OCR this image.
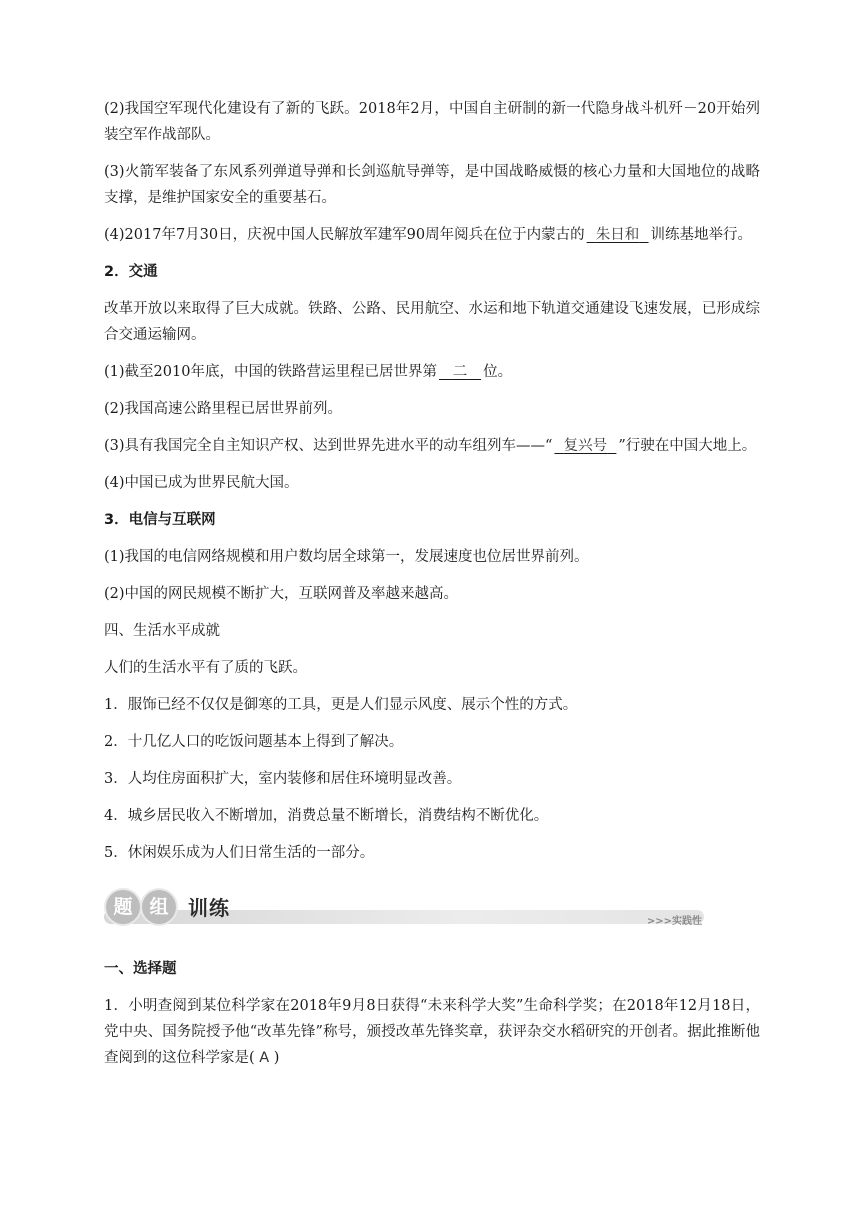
(2)我国空军现代化建设有了新的飞跃。2018年2月，中国自主研制的新一代隐身战斗机歼－20开始列装空军作战部队。

(3)火箭军装备了东风系列弹道导弹和长剑巡航导弹等，是中国战略威慑的核心力量和大国地位的战略支撑，是维护国家安全的重要基石。

(4)2017年7月30日，庆祝中国人民解放军建军90周年阅兵在位于内蒙古的 朱日和 训练基地举行。

2．交通

改革开放以来取得了巨大成就。铁路、公路、民用航空、水运和地下轨道交通建设飞速发展，已形成综合交通运输网。

(1)截至2010年底，中国的铁路营运里程已居世界第 二 位。

(2)我国高速公路里程已居世界前列。

(3)具有我国完全自主知识产权、达到世界先进水平的动车组列车——“ 复兴号 ”行驶在中国大地上。

(4)中国已成为世界民航大国。

3．电信与互联网

(1)我国的电信网络规模和用户数均居全球第一，发展速度也位居世界前列。

(2)中国的网民规模不断扩大，互联网普及率越来越高。

四、生活水平成就

人们的生活水平有了质的飞跃。

1．服饰已经不仅仅是御寒的工具，更是人们显示风度、展示个性的方式。

2．十几亿人口的吃饭问题基本上得到了解决。

3．人均住房面积扩大，室内装修和居住环境明显改善。

4．城乡居民收入不断增加，消费总量不断增长，消费结构不断优化。

5．休闲娱乐成为人们日常生活的一部分。

题 组 训练
>>>实践性

一、选择题

1．小明查阅到某位科学家在2018年9月8日获得“未来科学大奖”生命科学奖；在2018年12月18日，党中央、国务院授予他“改革先锋”称号，颁授改革先锋奖章，获评杂交水稻研究的开创者。据此推断他查阅到的这位科学家是( A )
